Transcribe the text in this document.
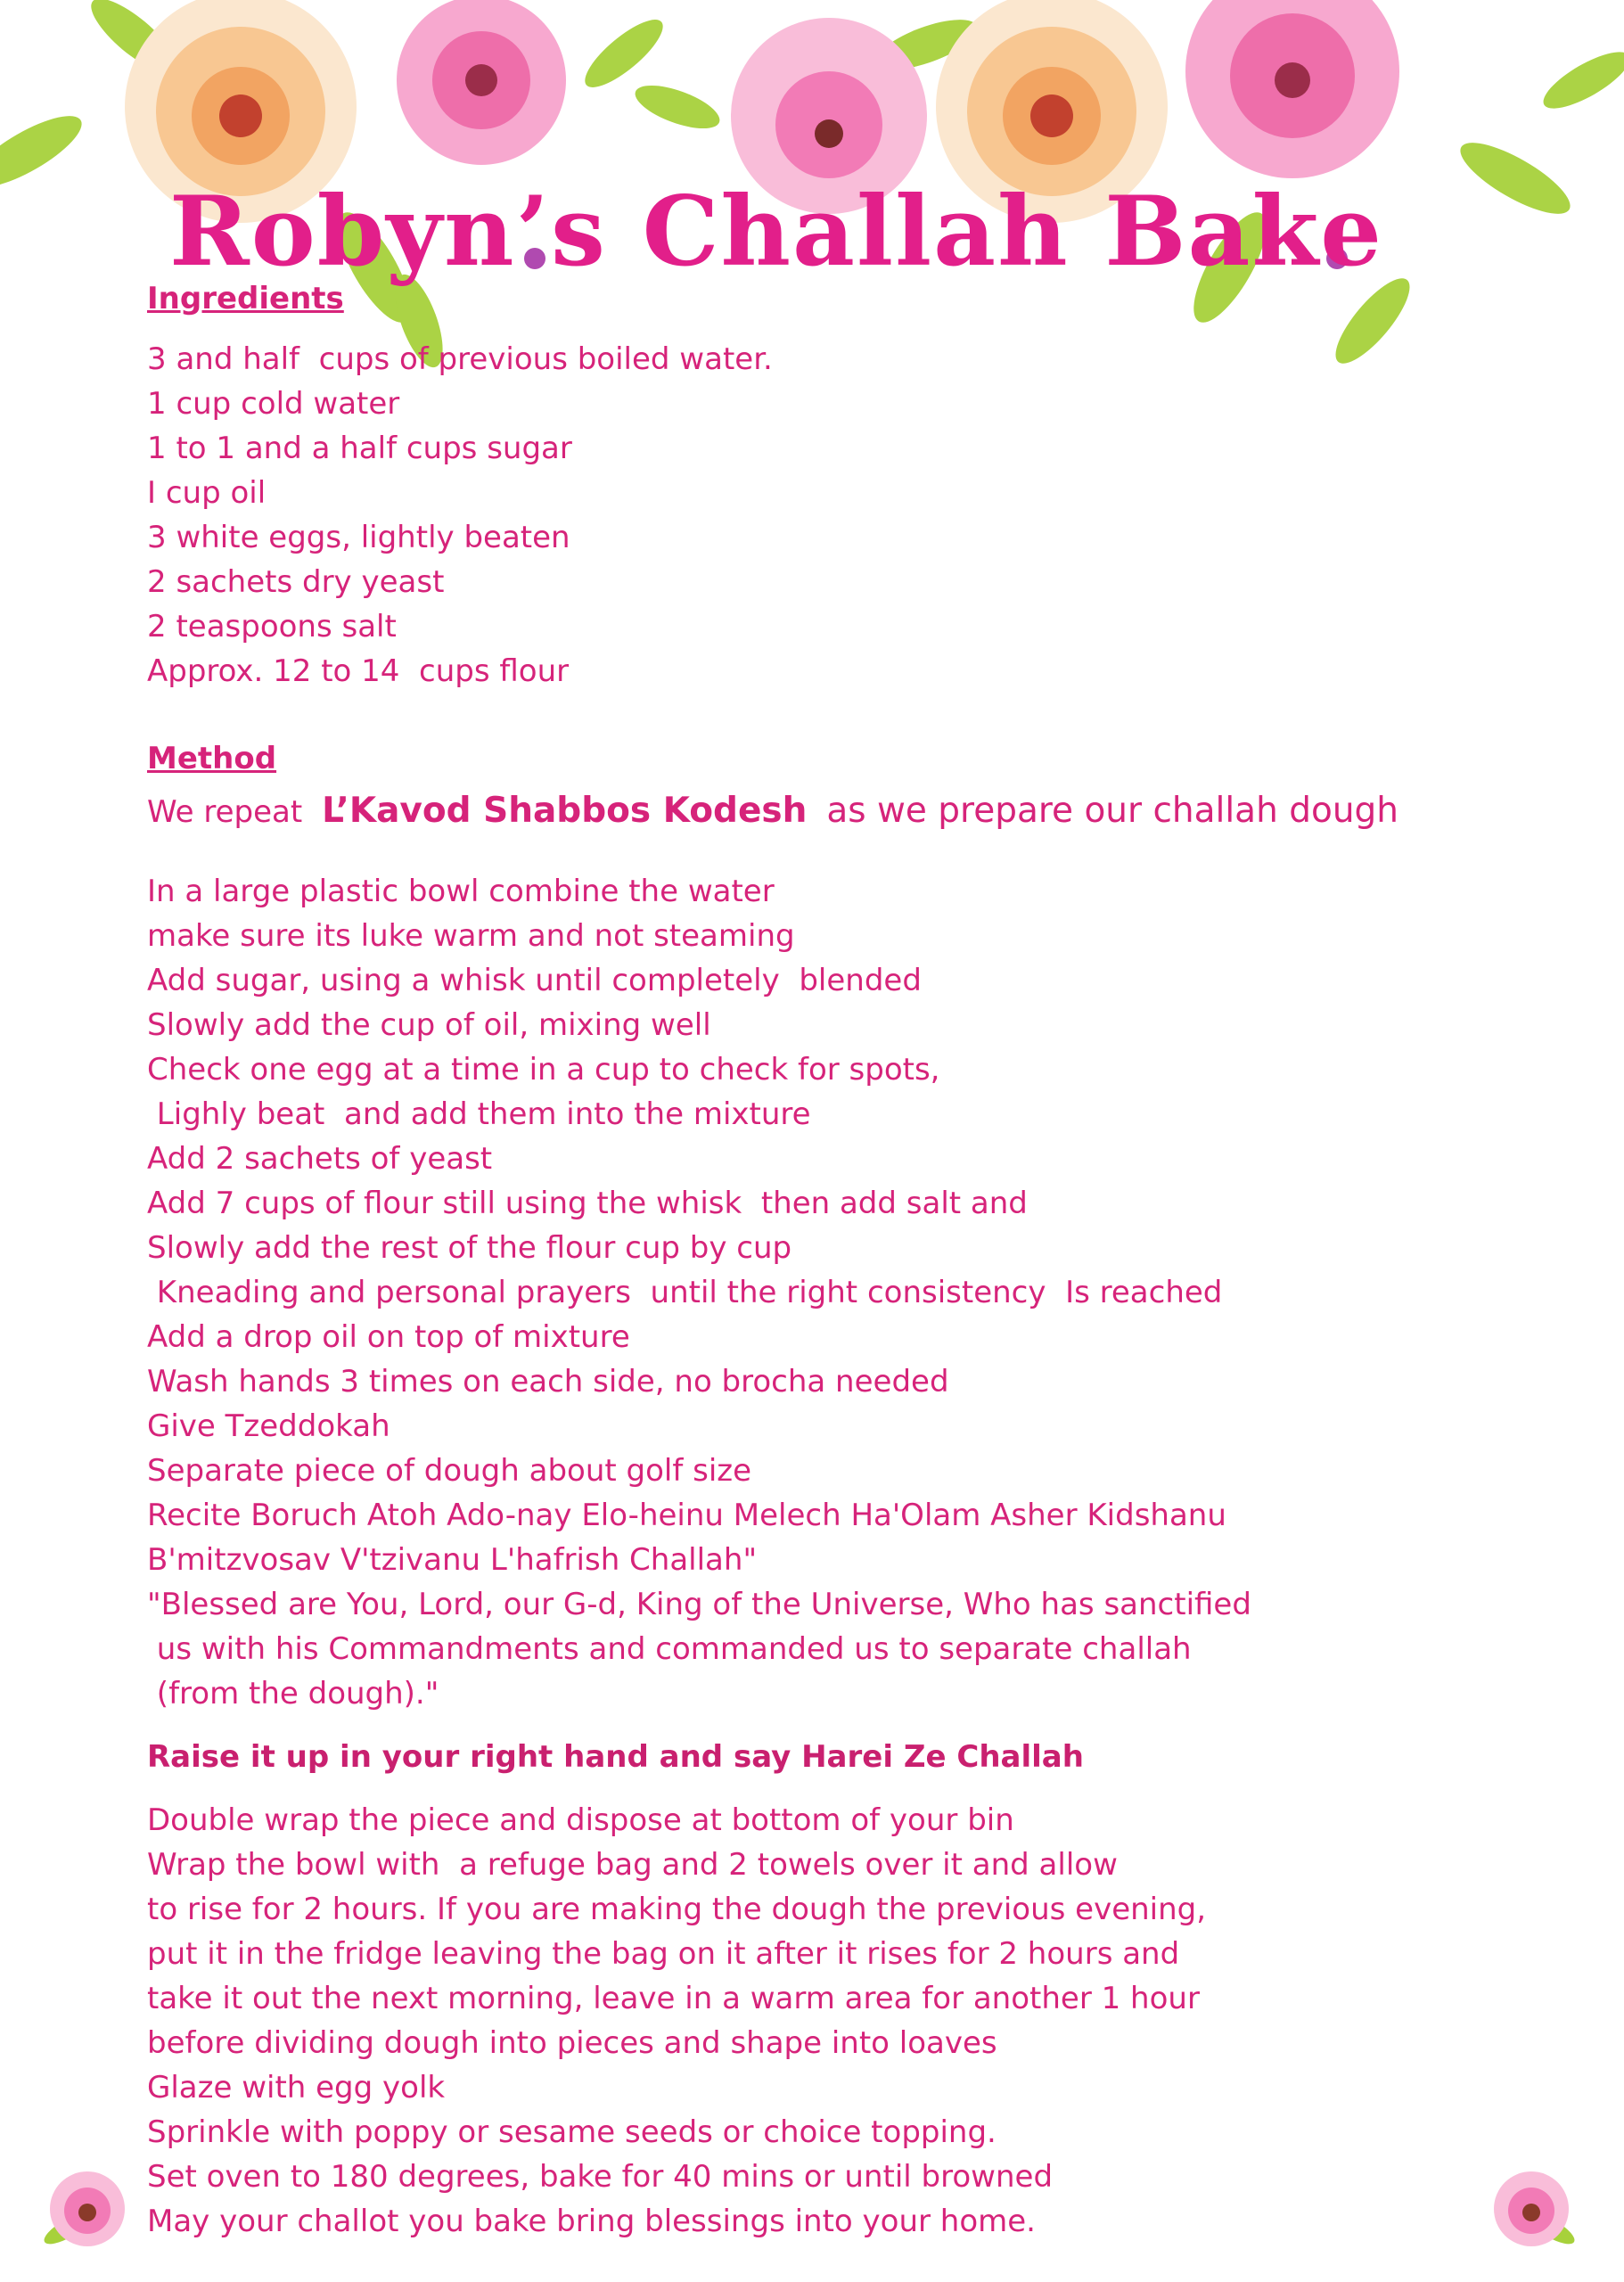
Robyn’s Challah Bake
Ingredients
3 and half  cups of previous boiled water.
1 cup cold water
1 to 1 and a half cups sugar
I cup oil
3 white eggs, lightly beaten
2 sachets dry yeast
2 teaspoons salt
Approx. 12 to 14  cups flour
Method
We repeat L’Kavod Shabbos Kodesh as we prepare our challah dough
In a large plastic bowl combine the water
make sure its luke warm and not steaming
Add sugar, using a whisk until completely  blended
Slowly add the cup of oil, mixing well
Check one egg at a time in a cup to check for spots,
Lighly beat  and add them into the mixture
Add 2 sachets of yeast
Add 7 cups of flour still using the whisk  then add salt and
Slowly add the rest of the flour cup by cup
Kneading and personal prayers  until the right consistency  Is reached
Add a drop oil on top of mixture
Wash hands 3 times on each side, no brocha needed
Give Tzeddokah
Separate piece of dough about golf size
Recite Boruch Atoh Ado-nay Elo-heinu Melech Ha'Olam Asher Kidshanu
B'mitzvosav V'tzivanu L'hafrish Challah"
"Blessed are You, Lord, our G-d, King of the Universe, Who has sanctified
us with his Commandments and commanded us to separate challah
(from the dough)."
Raise it up in your right hand and say Harei Ze Challah
Double wrap the piece and dispose at bottom of your bin
Wrap the bowl with  a refuge bag and 2 towels over it and allow
to rise for 2 hours. If you are making the dough the previous evening,
put it in the fridge leaving the bag on it after it rises for 2 hours and
take it out the next morning, leave in a warm area for another 1 hour
before dividing dough into pieces and shape into loaves
Glaze with egg yolk
Sprinkle with poppy or sesame seeds or choice topping.
Set oven to 180 degrees, bake for 40 mins or until browned
May your challot you bake bring blessings into your home.
